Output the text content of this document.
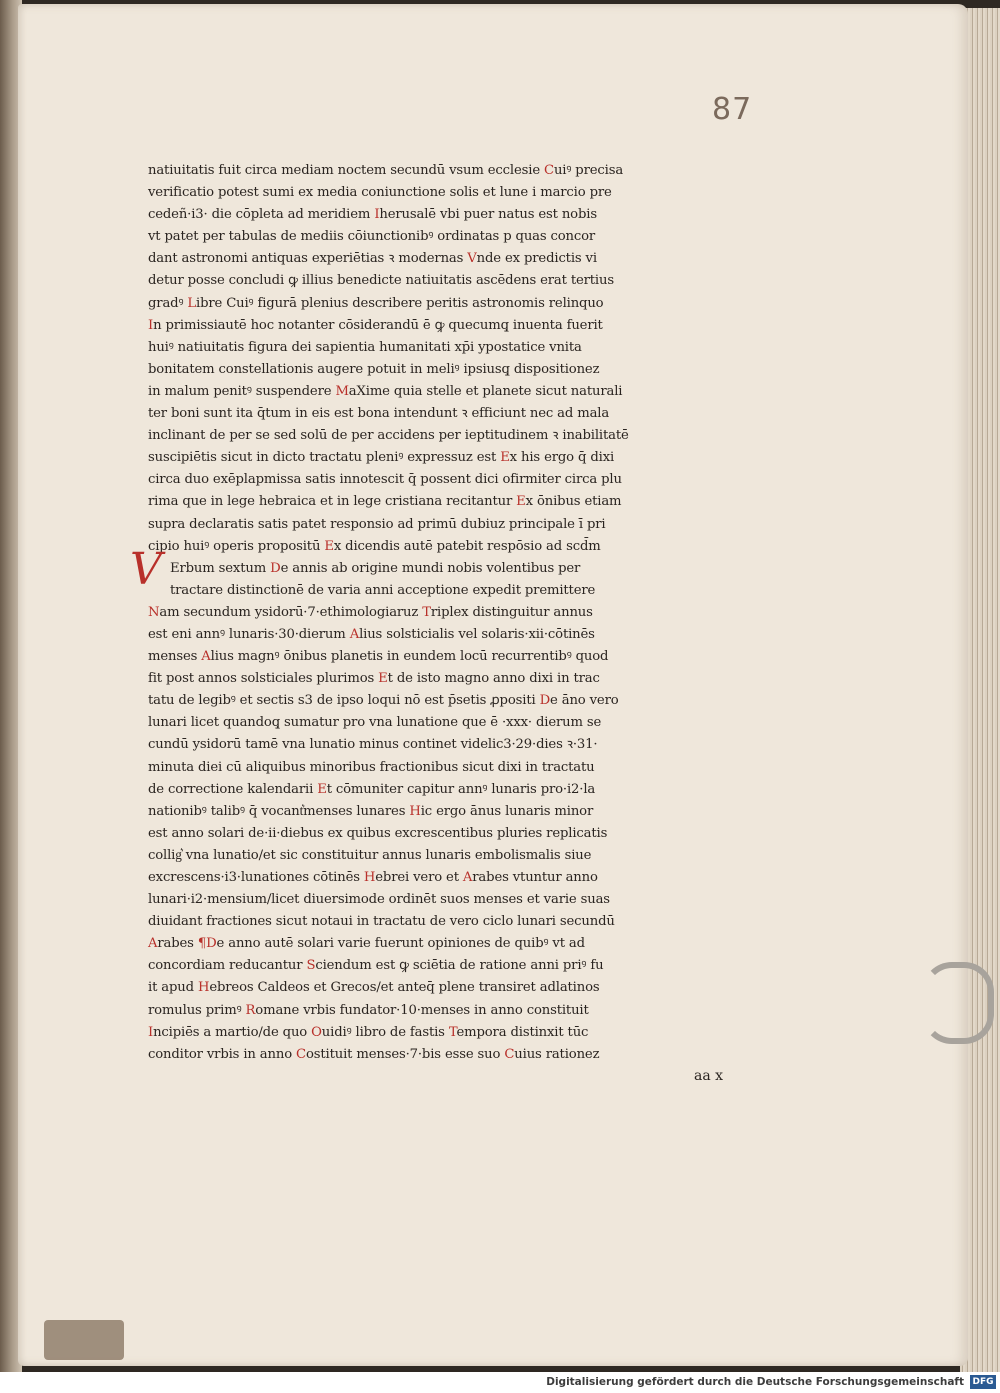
87
V

natiuitatis fuit circa mediam noctem secundū vsum ecclesie Cuiꝰ precisa

verificatio potest sumi ex media coniunctione solis et lune i marcio pre

cedeñ·i3· die cōpleta ad meridiem Iherusalē vbi puer natus est nobis

vt patet per tabulas de mediis cōiunctionibꝰ ordinatas p quas concor

dant astronomi antiquas experiētias ꝛ modernas Vnde ex predictis vi

detur posse concludi ꝙ illius benedicte natiuitatis ascēdens erat tertius

gradꝰ Libre Cuiꝰ figurā plenius describere peritis astronomis relinquo

In primissiautē hoc notanter cōsiderandū ē ꝙ quecumq̧ inuenta fuerit

huiꝰ natiuitatis figura dei sapientia humanitati xp̄i ypostatice vnita

bonitatem constellationis augere potuit in meliꝰ ipsiusq̧ dispositionez

in malum penitꝰ suspendere MaXime quia stelle et planete sicut naturali

ter boni sunt ita q̄tum in eis est bona intendunt ꝛ efficiunt nec ad mala

inclinant de per se sed solū de per accidens per ieptitudinem ꝛ inabilitatē

suscipiētis sicut in dicto tractatu pleniꝰ expressuz est Ex his ergo q̄ dixi

circa duo exēplapmissa satis innotescit q̄ possent dici ofirmiter circa plu

rima que in lege hebraica et in lege cristiana recitantur Ex ōnibus etiam

supra declaratis satis patet responsio ad primū dubiuz principale ī pri

cipio huiꝰ operis propositū Ex dicendis autē patebit respōsio ad scd̄m

Erbum sextum De annis ab origine mundi nobis volentibus per

tractare distinctionē de varia anni acceptione expedit premittere

Nam secundum ysidorū·7·ethimologiaruz Triplex distinguitur annus

est eni annꝰ lunaris·30·dierum Alius solsticialis vel solaris·xii·cōtinēs

menses Alius magnꝰ ōnibus planetis in eundem locū recurrentibꝰ quod

fit post annos solsticiales plurimos Et de isto magno anno dixi in trac

tatu de legibꝰ et sectis s3 de ipso loqui nō est p̄setis ꝓpositi De āno vero

lunari licet quandoq̧ sumatur pro vna lunatione que ē ·xxx· dierum se

cundū ysidorū tamē vna lunatio minus continet videlic3·29·dies ꝛ·31·

minuta diei cū aliquibus minoribus fractionibus sicut dixi in tractatu

de correctione kalendarii Et cōmuniter capitur annꝰ lunaris pro·i2·la

nationibꝰ talibꝰ q̄ vocant͛menses lunares Hic ergo ānus lunaris minor

est anno solari de·ii·diebus ex quibus excrescentibus pluries replicatis

collig͛ vna lunatio/et sic constituitur annus lunaris embolismalis siue

excrescens·i3·lunationes cōtinēs Hebrei vero et Arabes vtuntur anno

lunari·i2·mensium/licet diuersimode ordinēt suos menses et varie suas

diuidant fractiones sicut notaui in tractatu de vero ciclo lunari secundū

Arabes ¶De anno autē solari varie fuerunt opiniones de quibꝰ vt ad

concordiam reducantur Sciendum est ꝙ sciētia de ratione anni priꝰ fu

it apud Hebreos Caldeos et Grecos/et anteq̄ plene transiret adlatinos

romulus primꝰ Romane vrbis fundator·10·menses in anno constituit

Incipiēs a martio/de quo Ouidiꝰ libro de fastis Tempora distinxit tūc

conditor vrbis in anno Costituit menses·7·bis esse suo Cuius rationez

aa x
Digitalisierung gefördert durch die Deutsche Forschungsgemeinschaft DFG
